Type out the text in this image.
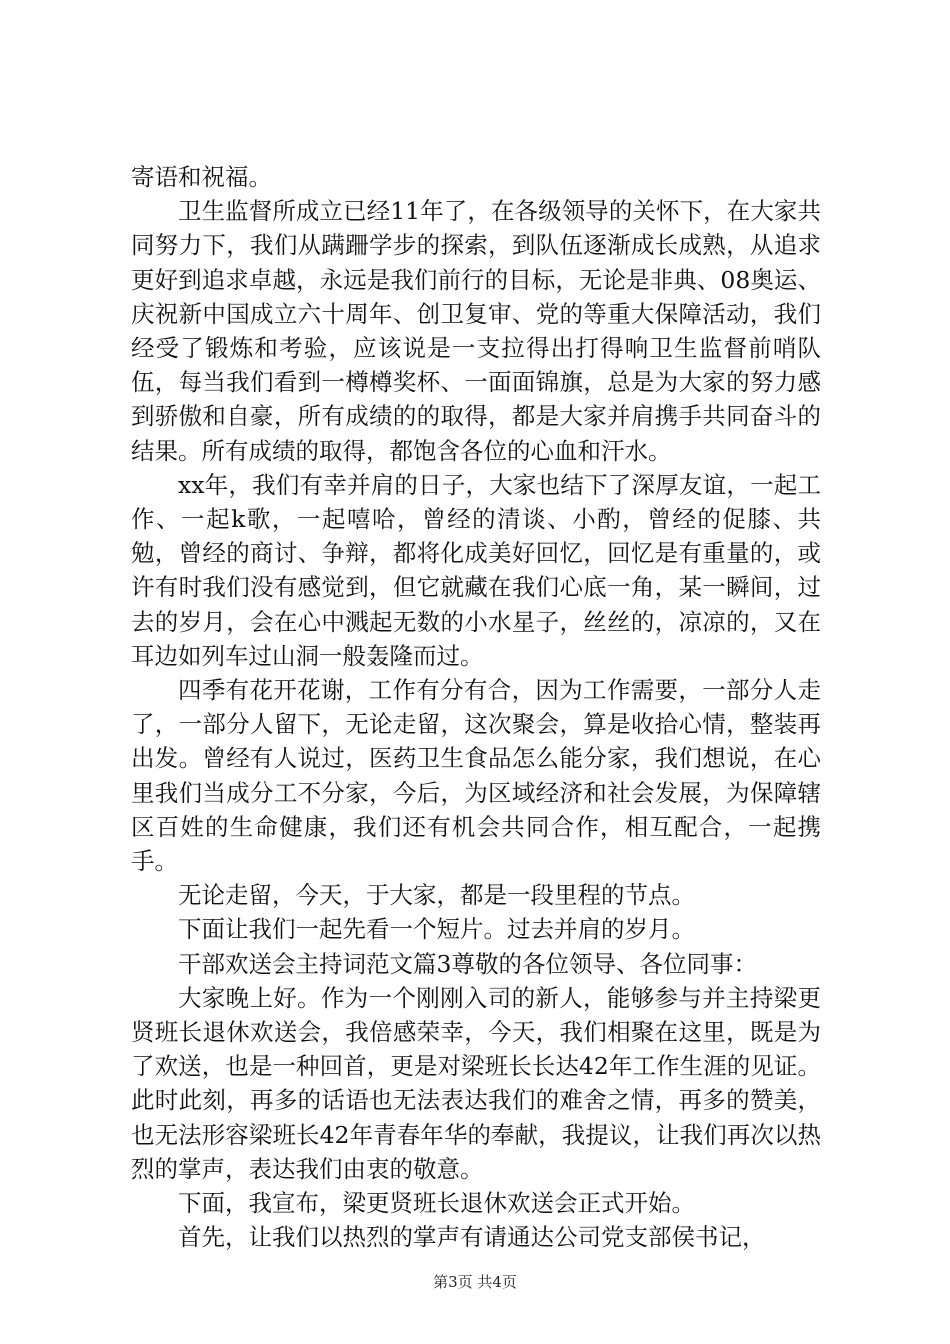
寄语和祝福。

卫生监督所成立已经11年了，在各级领导的关怀下，在大家共同努力下，我们从蹒跚学步的探索，到队伍逐渐成长成熟，从追求更好到追求卓越，永远是我们前行的目标，无论是非典、08奥运、庆祝新中国成立六十周年、创卫复审、党的等重大保障活动，我们经受了锻炼和考验，应该说是一支拉得出打得响卫生监督前哨队伍，每当我们看到一樽樽奖杯、一面面锦旗，总是为大家的努力感到骄傲和自豪，所有成绩的的取得，都是大家并肩携手共同奋斗的结果。所有成绩的取得，都饱含各位的心血和汗水。

xx年，我们有幸并肩的日子，大家也结下了深厚友谊，一起工作、一起k歌，一起嘻哈，曾经的清谈、小酌，曾经的促膝、共勉，曾经的商讨、争辩，都将化成美好回忆，回忆是有重量的，或许有时我们没有感觉到，但它就藏在我们心底一角，某一瞬间，过去的岁月，会在心中溅起无数的小水星子，丝丝的，凉凉的，又在耳边如列车过山洞一般轰隆而过。

四季有花开花谢，工作有分有合，因为工作需要，一部分人走了，一部分人留下，无论走留，这次聚会，算是收拾心情，整装再出发。曾经有人说过，医药卫生食品怎么能分家，我们想说，在心里我们当成分工不分家，今后，为区域经济和社会发展，为保障辖区百姓的生命健康，我们还有机会共同合作，相互配合，一起携手。

无论走留，今天，于大家，都是一段里程的节点。

下面让我们一起先看一个短片。过去并肩的岁月。

干部欢送会主持词范文篇3尊敬的各位领导、各位同事：

大家晚上好。作为一个刚刚入司的新人，能够参与并主持梁更贤班长退休欢送会，我倍感荣幸，今天，我们相聚在这里，既是为了欢送，也是一种回首，更是对梁班长长达42年工作生涯的见证。此时此刻，再多的话语也无法表达我们的难舍之情，再多的赞美，也无法形容梁班长42年青春年华的奉献，我提议，让我们再次以热烈的掌声，表达我们由衷的敬意。

下面，我宣布，梁更贤班长退休欢送会正式开始。

首先，让我们以热烈的掌声有请通达公司党支部侯书记，

第3页 共4页
